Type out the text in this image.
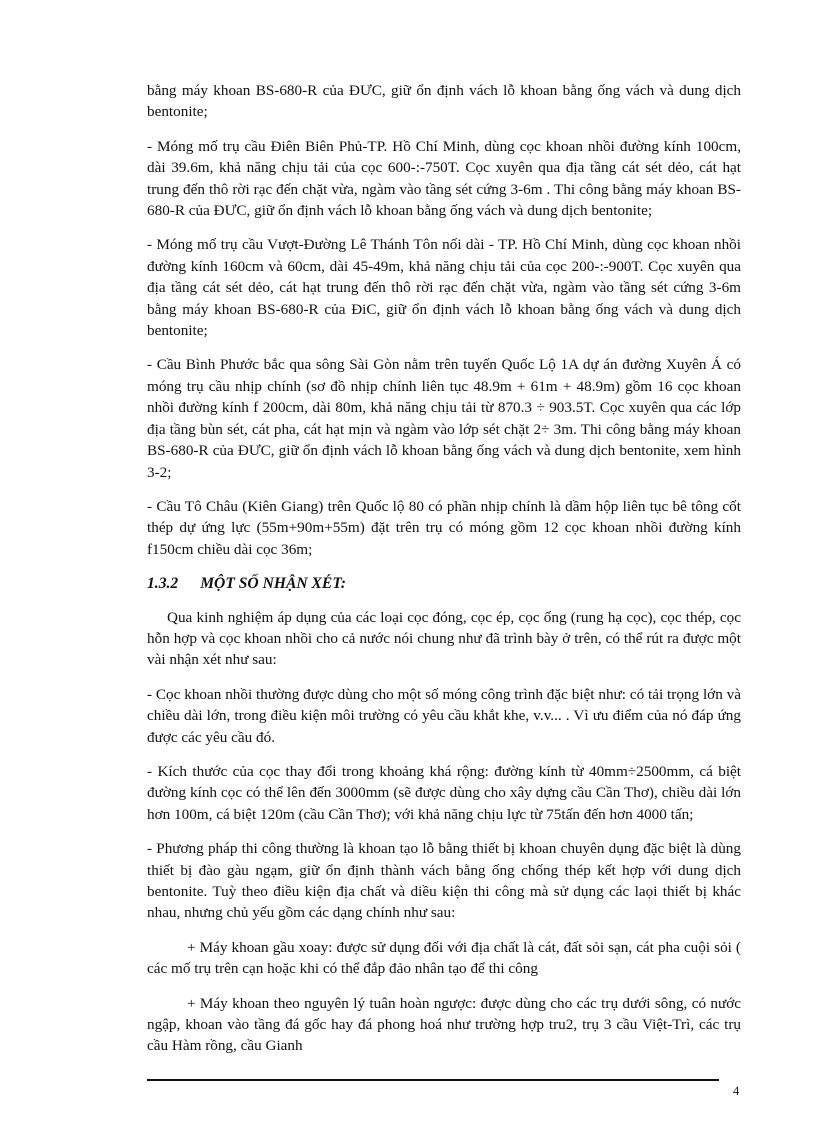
bằng máy khoan BS-680-R của ĐƯC, giữ ổn định vách lỗ khoan bằng ống vách và dung dịch bentonite;

- Móng mố trụ cầu Điên Biên Phủ-TP. Hồ Chí Minh, dùng cọc khoan nhồi đường kính 100cm, dài 39.6m, khả năng chịu tải của cọc 600-:-750T. Cọc xuyên qua địa tầng cát sét dẻo, cát hạt trung đến thô rời rạc đến chặt vừa, ngàm vào tầng sét cứng 3-6m . Thi công bằng máy khoan BS-680-R của ĐƯC, giữ ổn định vách lỗ khoan bằng ống vách và dung dịch bentonite;

- Móng mố trụ cầu Vượt-Đường Lê Thánh Tôn nối dài - TP. Hồ Chí Minh, dùng cọc khoan nhồi đường kính 160cm và 60cm, dài 45-49m, khả năng chịu tải của cọc 200-:-900T. Cọc xuyên qua địa tầng cát sét dẻo, cát hạt trung đến thô rời rạc đến chặt vừa, ngàm vào tầng sét cứng 3-6m bằng máy khoan BS-680-R của ĐiC, giữ ổn định vách lỗ khoan bằng ống vách và dung dịch bentonite;

- Cầu Bình Phước bắc qua sông Sài Gòn nằm trên tuyến Quốc Lộ 1A dự án đường Xuyên Á có móng trụ cầu nhịp chính (sơ đồ nhịp chính liên tục 48.9m + 61m + 48.9m) gồm 16 cọc khoan nhồi đường kính f 200cm, dài 80m, khả năng chịu tải từ 870.3 ÷ 903.5T. Cọc xuyên qua các lớp địa tầng bùn sét, cát pha, cát hạt mịn và ngàm vào lớp sét chặt 2÷ 3m. Thi công bằng máy khoan BS-680-R của ĐƯC, giữ ổn định vách lỗ khoan bằng ống vách và dung dịch bentonite, xem hình 3-2;

- Cầu Tô Châu (Kiên Giang) trên Quốc lộ 80 có phần nhịp chính là dầm hộp liên tục bê tông cốt thép dự ứng lực (55m+90m+55m) đặt trên trụ có móng gồm 12 cọc khoan nhồi đường kính f150cm chiều dài cọc 36m;

1.3.2 MỘT SỐ NHẬN XÉT:

Qua kinh nghiệm áp dụng của các loại cọc đóng, cọc ép, cọc ống (rung hạ cọc), cọc thép, cọc hỗn hợp và cọc khoan nhồi cho cả nước nói chung như đã trình bày ở trên, có thể rút ra được một vài nhận xét như sau:

- Cọc khoan nhồi thường được dùng cho một số móng công trình đặc biệt như: có tải trọng lớn và chiều dài lớn, trong điều kiện môi trường có yêu cầu khắt khe, v.v... . Vì ưu điểm của nó đáp ứng được các yêu cầu đó.

- Kích thước của cọc thay đổi trong khoảng khá rộng: đường kính từ 40mm÷2500mm, cá biệt đường kính cọc có thể lên đến 3000mm (sẽ được dùng cho xây dựng cầu Cần Thơ), chiều dài lớn hơn 100m, cá biệt 120m (cầu Cần Thơ); với khả năng chịu lực từ 75tấn đến hơn 4000 tấn;

- Phương pháp thi công thường là khoan tạo lỗ bằng thiết bị khoan chuyên dụng đặc biệt là dùng thiết bị đào gàu ngạm, giữ ổn định thành vách bằng ống chống thép kết hợp với dung dịch bentonite. Tuỳ theo điều kiện địa chất và diều kiện thi công mà sử dụng các laọi thiết bị khác nhau, nhưng chủ yếu gồm các dạng chính như sau:

+ Máy khoan gầu xoay: được sử dụng đối với địa chất là cát, đất sỏi sạn, cát pha cuội sỏi ( các mố trụ trên cạn hoặc khi có thể đắp đảo nhân tạo để thi công

+ Máy khoan theo nguyên lý tuân hoàn ngược: được dùng cho các trụ dưới sông, có nước ngập, khoan vào tầng đá gốc hay đá phong hoá như trường hợp tru2, trụ 3 cầu Việt-Trì, các trụ cầu Hàm rồng, cầu Gianh

4
